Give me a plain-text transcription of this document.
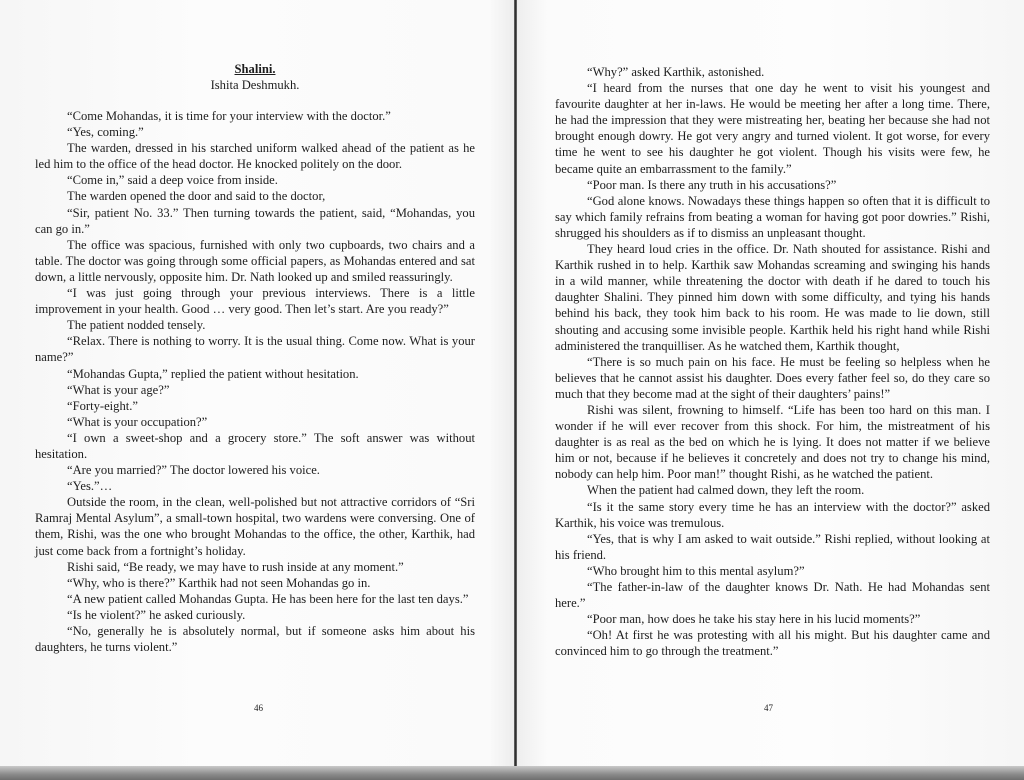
Shalini.
Ishita Deshmukh.

“Come Mohandas, it is time for your interview with the doctor.”

“Yes, coming.”

The warden, dressed in his starched uniform walked ahead of the patient as he led him to the office of the head doctor. He knocked politely on the door.

“Come in,” said a deep voice from inside.

The warden opened the door and said to the doctor,

“Sir, patient No. 33.” Then turning towards the patient, said, “Mohandas, you can go in.”

The office was spacious, furnished with only two cupboards, two chairs and a table. The doctor was going through some official papers, as Mohandas entered and sat down, a little nervously, opposite him. Dr. Nath looked up and smiled reassuringly.

“I was just going through your previous interviews. There is a little improvement in your health. Good … very good. Then let’s start. Are you ready?”

The patient nodded tensely.

“Relax. There is nothing to worry. It is the usual thing. Come now. What is your name?”

“Mohandas Gupta,” replied the patient without hesitation.

“What is your age?”

“Forty-eight.”

“What is your occupation?”

“I own a sweet-shop and a grocery store.” The soft answer was without hesitation.

“Are you married?” The doctor lowered his voice.

“Yes.”…

Outside the room, in the clean, well-polished but not attractive corridors of “Sri Ramraj Mental Asylum”, a small-town hospital, two wardens were conversing. One of them, Rishi, was the one who brought Mohandas to the office, the other, Karthik, had just come back from a fortnight’s holiday.

Rishi said, “Be ready, we may have to rush inside at any moment.”

“Why, who is there?” Karthik had not seen Mohandas go in.

“A new patient called Mohandas Gupta. He has been here for the last ten days.”

“Is he violent?” he asked curiously.

“No, generally he is absolutely normal, but if someone asks him about his daughters, he turns violent.”

46

“Why?” asked Karthik, astonished.

“I heard from the nurses that one day he went to visit his youngest and favourite daughter at her in-laws. He would be meeting her after a long time. There, he had the impression that they were mistreating her, beating her because she had not brought enough dowry. He got very angry and turned violent. It got worse, for every time he went to see his daughter he got violent. Though his visits were few, he became quite an embarrassment to the family.”

“Poor man. Is there any truth in his accusations?”

“God alone knows. Nowadays these things happen so often that it is difficult to say which family refrains from beating a woman for having got poor dowries.” Rishi, shrugged his shoulders as if to dismiss an unpleasant thought.

They heard loud cries in the office. Dr. Nath shouted for assistance. Rishi and Karthik rushed in to help. Karthik saw Mohandas screaming and swinging his hands in a wild manner, while threatening the doctor with death if he dared to touch his daughter Shalini. They pinned him down with some difficulty, and tying his hands behind his back, they took him back to his room. He was made to lie down, still shouting and accusing some invisible people. Karthik held his right hand while Rishi administered the tranquilliser. As he watched them, Karthik thought,

“There is so much pain on his face. He must be feeling so helpless when he believes that he cannot assist his daughter. Does every father feel so, do they care so much that they become mad at the sight of their daughters’ pains!”

Rishi was silent, frowning to himself. “Life has been too hard on this man. I wonder if he will ever recover from this shock. For him, the mistreatment of his daughter is as real as the bed on which he is lying. It does not matter if we believe him or not, because if he believes it concretely and does not try to change his mind, nobody can help him. Poor man!” thought Rishi, as he watched the patient.

When the patient had calmed down, they left the room.

“Is it the same story every time he has an interview with the doctor?” asked Karthik, his voice was tremulous.

“Yes, that is why I am asked to wait outside.” Rishi replied, without looking at his friend.

“Who brought him to this mental asylum?”

“The father-in-law of the daughter knows Dr. Nath. He had Mohandas sent here.”

“Poor man, how does he take his stay here in his lucid moments?”

“Oh! At first he was protesting with all his might. But his daughter came and convinced him to go through the treatment.”

47
